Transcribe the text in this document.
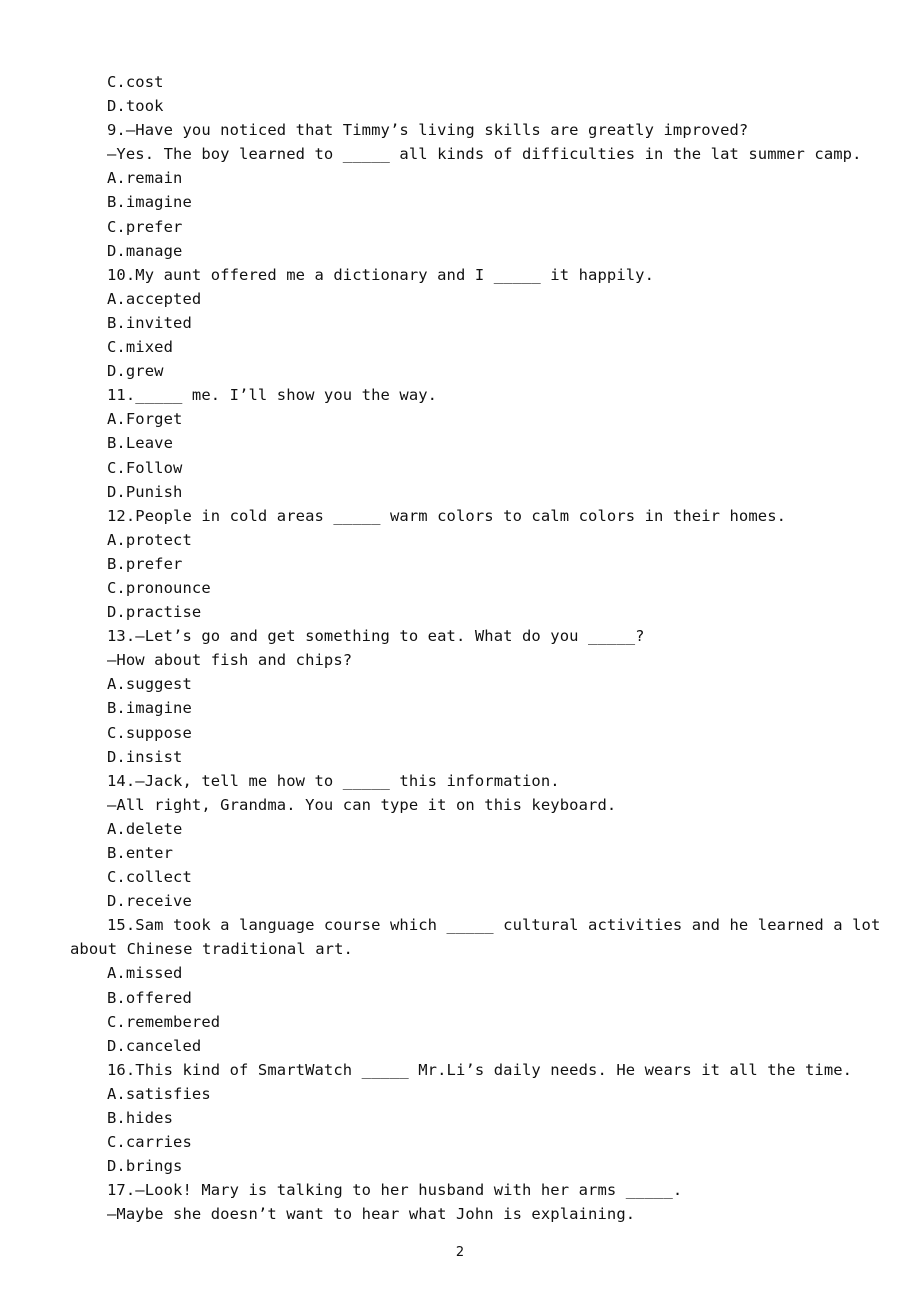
C.cost
D.took
9.—Have you noticed that Timmy’s living skills are greatly improved?
—Yes. The boy learned to _____ all kinds of difficulties in the lat summer camp.
A.remain
B.imagine
C.prefer
D.manage
10.My aunt offered me a dictionary and I _____ it happily.
A.accepted
B.invited
C.mixed
D.grew
11._____ me. I’ll show you the way.
A.Forget
B.Leave
C.Follow
D.Punish
12.People in cold areas _____ warm colors to calm colors in their homes.
A.protect
B.prefer
C.pronounce
D.practise
13.—Let’s go and get something to eat. What do you _____?
—How about fish and chips?
A.suggest
B.imagine
C.suppose
D.insist
14.—Jack, tell me how to _____ this information.
—All right, Grandma. You can type it on this keyboard.
A.delete
B.enter
C.collect
D.receive
15.Sam took a language course which _____ cultural activities and he learned a lot
about Chinese traditional art.
A.missed
B.offered
C.remembered
D.canceled
16.This kind of SmartWatch _____ Mr.Li’s daily needs. He wears it all the time.
A.satisfies
B.hides
C.carries
D.brings
17.—Look! Mary is talking to her husband with her arms _____.
—Maybe she doesn’t want to hear what John is explaining.
2
